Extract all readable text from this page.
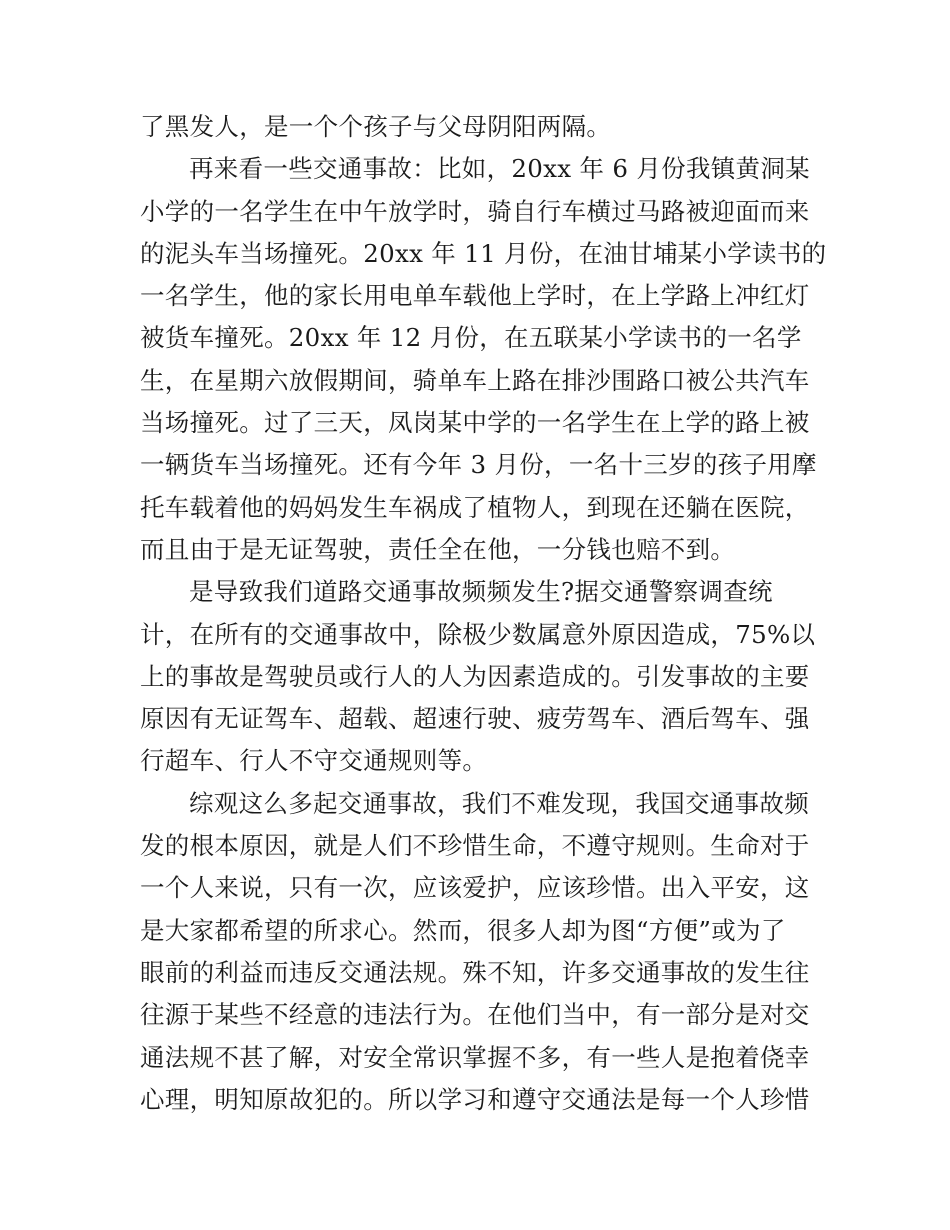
了黑发人，是一个个孩子与父母阴阳两隔。
再来看一些交通事故：比如，20xx 年 6 月份我镇黄洞某
小学的一名学生在中午放学时，骑自行车横过马路被迎面而来
的泥头车当场撞死。20xx 年 11 月份，在油甘埔某小学读书的
一名学生，他的家长用电单车载他上学时，在上学路上冲红灯
被货车撞死。20xx 年 12 月份，在五联某小学读书的一名学
生，在星期六放假期间，骑单车上路在排沙围路口被公共汽车
当场撞死。过了三天，凤岗某中学的一名学生在上学的路上被
一辆货车当场撞死。还有今年 3 月份，一名十三岁的孩子用摩
托车载着他的妈妈发生车祸成了植物人，到现在还躺在医院，
而且由于是无证驾驶，责任全在他，一分钱也赔不到。
是导致我们道路交通事故频频发生?据交通警察调查统
计，在所有的交通事故中，除极少数属意外原因造成，75%以
上的事故是驾驶员或行人的人为因素造成的。引发事故的主要
原因有无证驾车、超载、超速行驶、疲劳驾车、酒后驾车、强
行超车、行人不守交通规则等。
综观这么多起交通事故，我们不难发现，我国交通事故频
发的根本原因，就是人们不珍惜生命，不遵守规则。生命对于
一个人来说，只有一次，应该爱护，应该珍惜。出入平安，这
是大家都希望的所求心。然而，很多人却为图“方便”或为了
眼前的利益而违反交通法规。殊不知，许多交通事故的发生往
往源于某些不经意的违法行为。在他们当中，有一部分是对交
通法规不甚了解，对安全常识掌握不多，有一些人是抱着侥幸
心理，明知原故犯的。所以学习和遵守交通法是每一个人珍惜
